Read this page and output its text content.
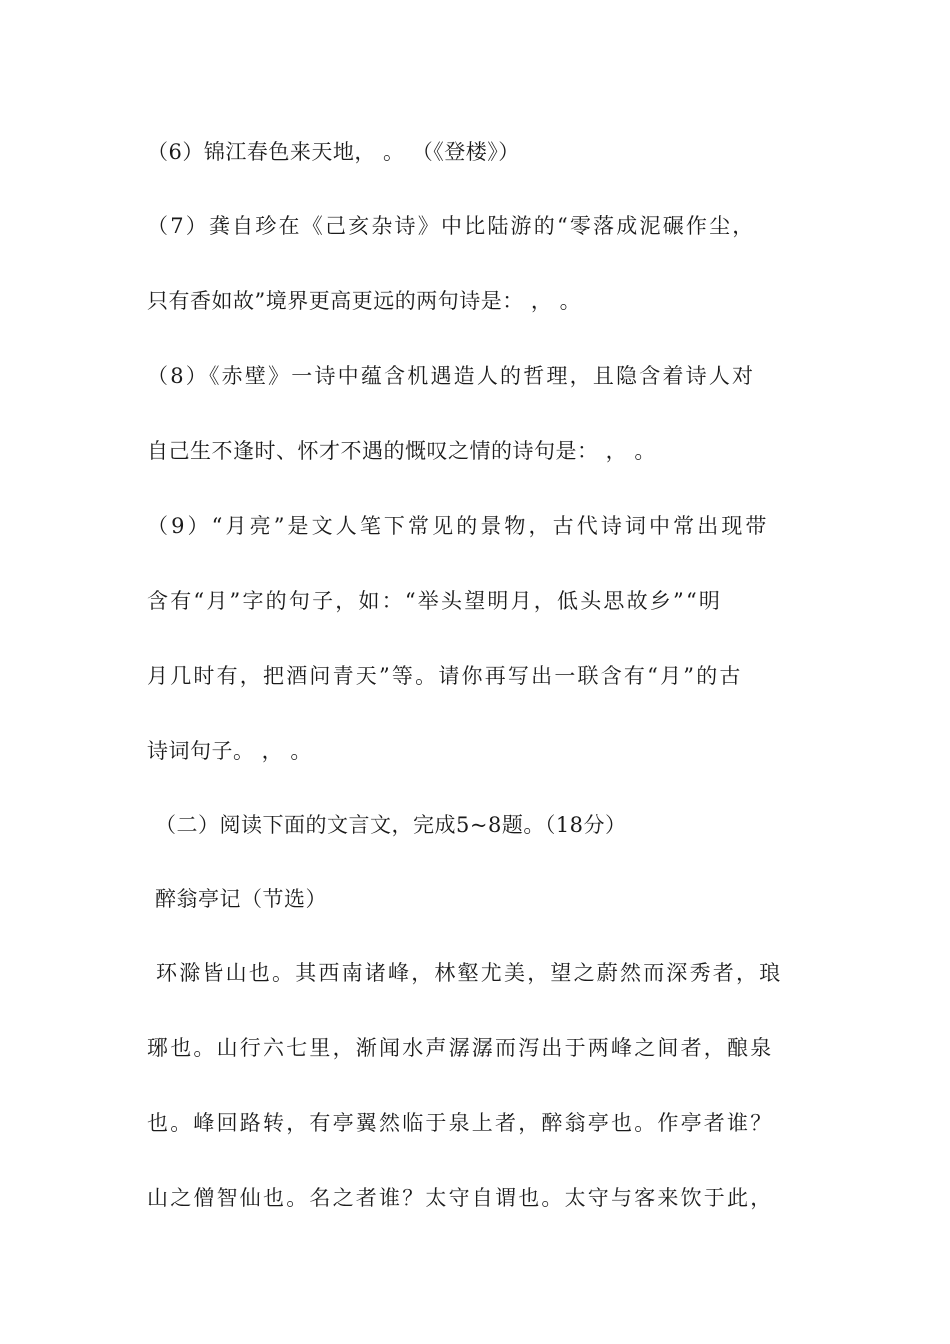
（6）锦江春色来天地， 。 （《登楼》）
（7）龚自珍在《己亥杂诗》中比陆游的“零落成泥碾作尘，
只有香如故”境界更高更远的两句诗是： ， 。
（8）《赤壁》一诗中蕴含机遇造人的哲理，且隐含着诗人对
自己生不逢时、怀才不遇的慨叹之情的诗句是： ， 。
（9）“月亮”是文人笔下常见的景物，古代诗词中常出现带
含有“月”字的句子，如：“举头望明月，低头思故乡”“明
月几时有，把酒问青天”等。请你再写出一联含有“月”的古
诗词句子。 ， 。
（二）阅读下面的文言文，完成5~8题。（18分）
醉翁亭记（节选）
环滁皆山也。其西南诸峰，林壑尤美，望之蔚然而深秀者，琅
琊也。山行六七里，渐闻水声潺潺而泻出于两峰之间者，酿泉
也。峰回路转，有亭翼然临于泉上者，醉翁亭也。作亭者谁？
山之僧智仙也。名之者谁？太守自谓也。太守与客来饮于此，
